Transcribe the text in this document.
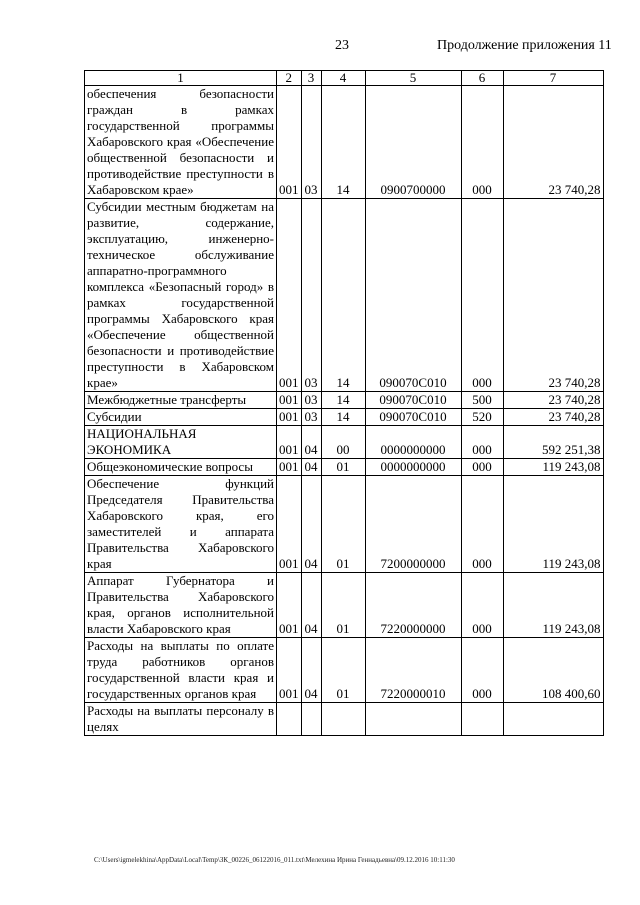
23	Продолжение приложения 11
1	2	3	4	5	6	7
обеспечения безопасности граждан в рамках государственной программы Хабаровского края «Обеспечение общественной безопасности и противодействие преступности в Хабаровском крае»	001	03	14	0900700000	000	23 740,28
Субсидии местным бюджетам на развитие, содержание, эксплуатацию, инженерно-техническое обслуживание аппаратно-программного комплекса «Безопасный город» в рамках государственной программы Хабаровского края «Обеспечение общественной безопасности и противодействие преступности в Хабаровском крае»	001	03	14	090070С010	000	23 740,28
Межбюджетные трансферты	001	03	14	090070С010	500	23 740,28
Субсидии	001	03	14	090070С010	520	23 740,28
НАЦИОНАЛЬНАЯ ЭКОНОМИКА	001	04	00	0000000000	000	592 251,38
Общеэкономические вопросы	001	04	01	0000000000	000	119 243,08
Обеспечение функций Председателя Правительства Хабаровского края, его заместителей и аппарата Правительства Хабаровского края	001	04	01	7200000000	000	119 243,08
Аппарат Губернатора и Правительства Хабаровского края, органов исполнительной власти Хабаровского края	001	04	01	7220000000	000	119 243,08
Расходы на выплаты по оплате труда работников органов государственной власти края и государственных органов края	001	04	01	7220000010	000	108 400,60
Расходы на выплаты персоналу в целях						
C:\Users\igmelekhina\AppData\Local\Temp\ЗК_00226_06122016_011.txt\Мелехина Ирина Геннадьевна\09.12.2016 10:11:30
